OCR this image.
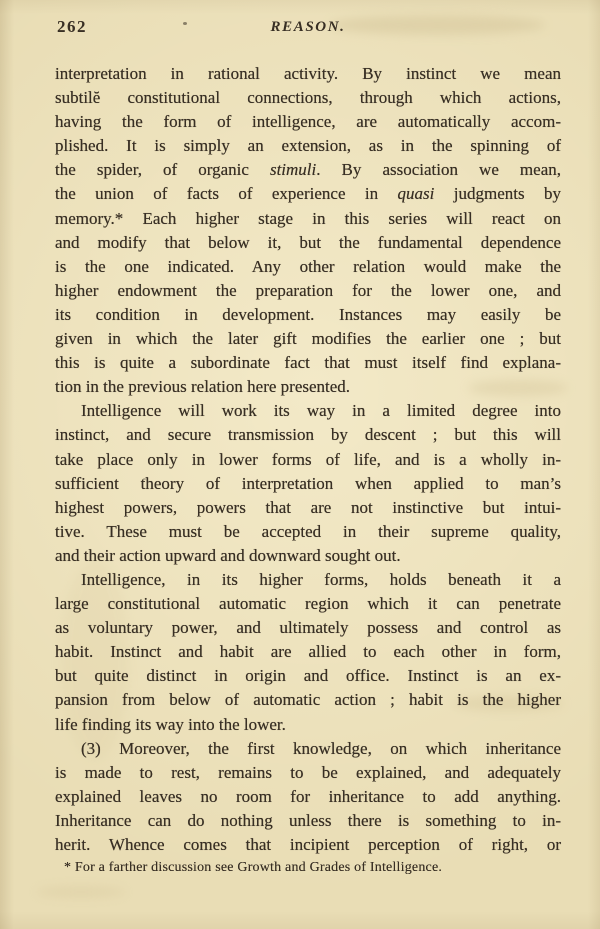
262	REASON.
interpretation in rational activity. By instinct we mean
subtilĕ constitutional connections, through which actions,
having the form of intelligence, are automatically accom-
plished. It is simply an extension, as in the spinning of
the spider, of organic stimuli. By association we mean,
the union of facts of experience in quasi judgments by
memory.* Each higher stage in this series will react on
and modify that below it, but the fundamental dependence
is the one indicated. Any other relation would make the
higher endowment the preparation for the lower one, and
its condition in development. Instances may easily be
given in which the later gift modifies the earlier one ; but
this is quite a subordinate fact that must itself find explana-
tion in the previous relation here presented.
Intelligence will work its way in a limited degree into
instinct, and secure transmission by descent ; but this will
take place only in lower forms of life, and is a wholly in-
sufficient theory of interpretation when applied to man’s
highest powers, powers that are not instinctive but intui-
tive. These must be accepted in their supreme quality,
and their action upward and downward sought out.
Intelligence, in its higher forms, holds beneath it a
large constitutional automatic region which it can penetrate
as voluntary power, and ultimately possess and control as
habit. Instinct and habit are allied to each other in form,
but quite distinct in origin and office. Instinct is an ex-
pansion from below of automatic action ; habit is the higher
life finding its way into the lower.
(3) Moreover, the first knowledge, on which inheritance
is made to rest, remains to be explained, and adequately
explained leaves no room for inheritance to add anything.
Inheritance can do nothing unless there is something to in-
herit. Whence comes that incipient perception of right, or
* For a farther discussion see Growth and Grades of Intelligence.
